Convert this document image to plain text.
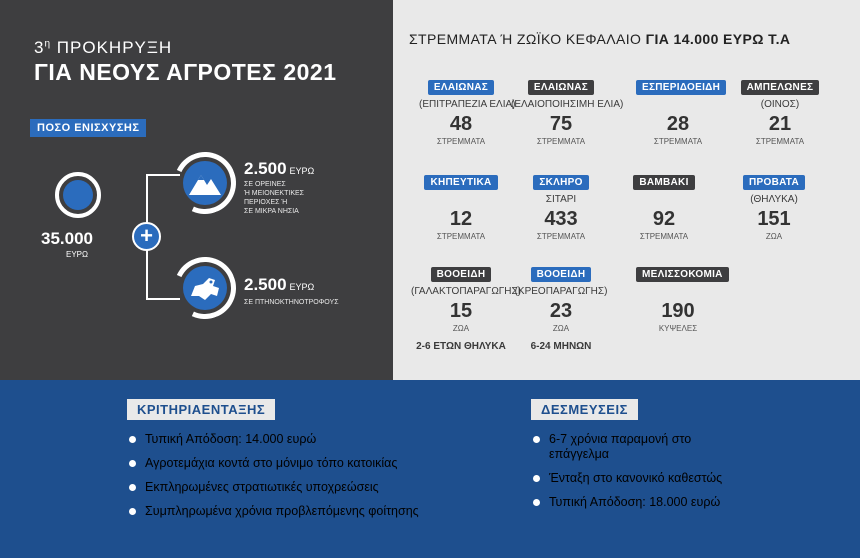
$3^\eta$ ΠΡΟΚΗΡΥΞΗ
ΓΙΑ ΝΕΟΥΣ ΑΓΡΟΤΕΣ 2021
ΠΟΣΟ ΕΝΙΣΧΥΣΗΣ
35.000
ΕΥΡΩ
+
2.500 ΕΥΡΩ
ΣΕ ΟΡΕΙΝΕΣ
Ή ΜΕΙΟΝΕΚΤΙΚΕΣ
ΠΕΡΙΟΧΕΣ Ή
ΣΕ ΜΙΚΡΑ ΝΗΣΙΑ
2.500 ΕΥΡΩ
ΣΕ ΠΤΗΝΟΚΤΗΝΟΤΡΟΦΟΥΣ
ΣΤΡΕΜΜΑΤΑ Ή ΖΩΪΚΟ ΚΕΦΑΛΑΙΟ ΓΙΑ 14.000 ΕΥΡΩ Τ.Α
ΕΛΑΙΩΝΑΣ
(ΕΠΙΤΡΑΠΕΖΙΑ ΕΛΙΑ)
48
ΣΤΡΕΜΜΑΤΑ
ΕΛΑΙΩΝΑΣ
(ΕΛΑΙΟΠΟΙΗΣΙΜΗ ΕΛΙΑ)
75
ΣΤΡΕΜΜΑΤΑ
ΕΣΠΕΡΙΔΟΕΙΔΗ
28
ΣΤΡΕΜΜΑΤΑ
ΑΜΠΕΛΩΝΕΣ
(ΟΙΝΟΣ)
21
ΣΤΡΕΜΜΑΤΑ
ΚΗΠΕΥΤΙΚΑ
12
ΣΤΡΕΜΜΑΤΑ
ΣΚΛΗΡΟ
ΣΙΤΑΡΙ
433
ΣΤΡΕΜΜΑΤΑ
ΒΑΜΒΑΚΙ
92
ΣΤΡΕΜΜΑΤΑ
ΠΡΟΒΑΤΑ
(ΘΗΛΥΚΑ)
151
ΖΩΑ
ΒΟΟΕΙΔΗ
(ΓΑΛΑΚΤΟΠΑΡΑΓΩΓΗΣ)
15
ΖΩΑ
2-6 ΕΤΩΝ ΘΗΛΥΚΑ
ΒΟΟΕΙΔΗ
(ΚΡΕΟΠΑΡΑΓΩΓΗΣ)
23
ΖΩΑ
6-24 ΜΗΝΩΝ
ΜΕΛΙΣΣΟΚΟΜΙΑ
190
ΚΥΨΕΛΕΣ
ΚΡΙΤΗΡΙΑΕΝΤΑΞΗΣ
Τυπική Απόδοση: 14.000 ευρώ
Αγροτεμάχια κοντά στο μόνιμο τόπο κατοικίας
Εκπληρωμένες στρατιωτικές υποχρεώσεις
Συμπληρωμένα χρόνια προβλεπόμενης φοίτησης
ΔΕΣΜΕΥΣΕΙΣ
6-7 χρόνια παραμονή στο επάγγελμα
Ένταξη στο κανονικό καθεστώς
Τυπική Απόδοση: 18.000 ευρώ
